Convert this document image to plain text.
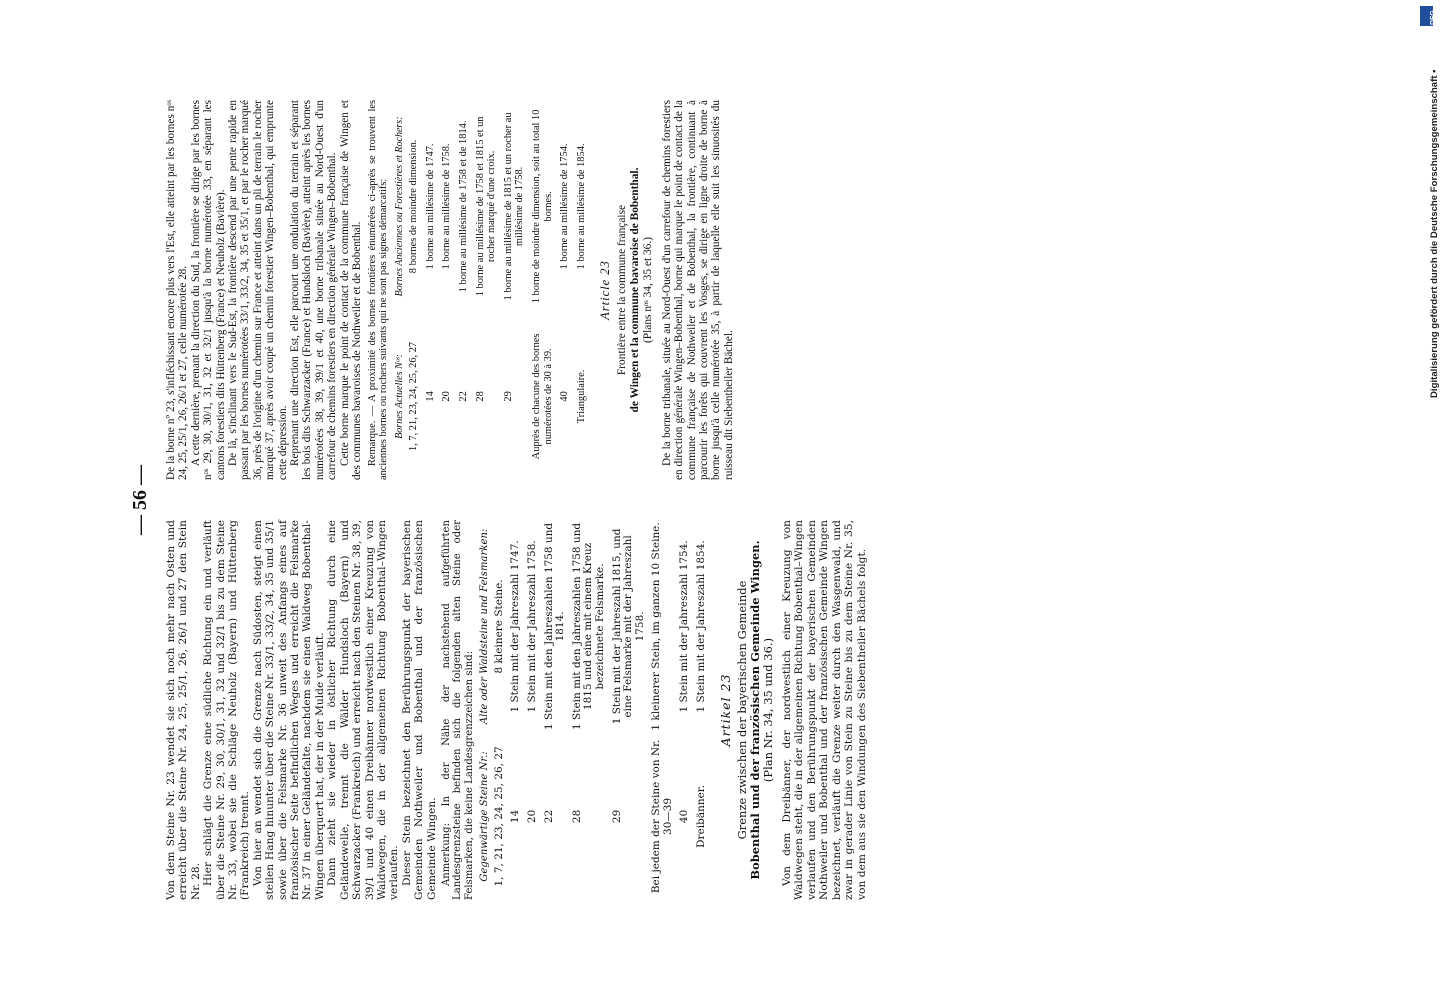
— 56 —

Von dem Steine Nr. 23 wendet sie sich noch mehr nach Osten und erreicht über die Steine Nr. 24, 25, 25/1, 26, 26/1 und 27 den Stein Nr. 28. Hier schlägt die Grenze eine südliche Richtung ein und verläuft über die Steine Nr. 29, 30, 30/1, 31, 32 und 32/1 bis zu dem Steine Nr. 33, wobei sie die Schläge Neuholz (Bayern) und Hüttenberg (Frankreich) trennt. Von hier an wendet sich die Grenze nach Südosten, steigt einen steilen Hang hinunter über die Steine Nr. 33/1, 33/2, 34, 35 und 35/1 sowie über die Felsmarke Nr. 36 unweit des Anfangs eines auf französischer Seite befindlichen Weges und erreicht die Felsmarke Nr. 37 in einer Geländefalte, nachdem sie einen Waldweg Bobenthal-Wingen überquert hat, der in der Mulde verläuft. Dann zieht sie wieder in östlicher Richtung durch eine Geländewelle, trennt die Wälder Hundsloch (Bayern) und Schwarzacker (Frankreich) und erreicht nach den Steinen Nr. 38, 39, 39/1 und 40 einen Dreibänner nordwestlich einer Kreuzung von Waldwegen, die in der allgemeinen Richtung Bobenthal–Wingen verlaufen. Dieser Stein bezeichnet den Berührungspunkt der bayerischen Gemeinden Nothweiler und Bobenthal und der französischen Gemeinde Wingen. Anmerkung: In der Nähe der nachstehend aufgeführten Landesgrenzsteine befinden sich die folgenden alten Steine oder Felsmarken, die keine Landesgrenzzeichen sind: Gegenwärtige Steine Nr.:	Alte oder Waldsteine und Felsmarken:
1, 7, 21, 23, 24, 25, 26, 27	8 kleinere Steine.
14	1 Stein mit der Jahreszahl 1747.
20	1 Stein mit der Jahreszahl 1758.
22	1 Stein mit den Jahreszahlen 1758 und 1814.
28	1 Stein mit den Jahreszahlen 1758 und 1815 und eine mit einem Kreuz bezeichnete Felsmarke.
29	1 Stein mit der Jahreszahl 1815, und eine Felsmarke mit der Jahreszahl 1758.
Bei jedem der Steine von Nr. 30—39	1 kleinerer Stein, im ganzen 10 Steine.
40	1 Stein mit der Jahreszahl 1754.
Dreibänner.	1 Stein mit der Jahreszahl 1854. Artikel 23 Grenze zwischen der bayerischen Gemeinde Bobenthal und der französischen Gemeinde Wingen. (Plan Nr. 34, 35 und 36.) Von dem Dreibänner, der nordwestlich einer Kreuzung von Waldwegen steht, die in der allgemeinen Richtung Bobenthal–Wingen verlaufen und den Berührungspunkt der bayerischen Gemeinden Nothweiler und Bobenthal und der französischen Gemeinde Wingen bezeichnet, verläuft die Grenze weiter durch den Wasgenwald, und zwar in gerader Linie von Stein zu Steine bis zu dem Steine Nr. 35, von dem aus sie den Windungen des Siebentheiler Bächels folgt.

De la borne nº 23, s'infléchissant encore plus vers l'Est, elle atteint par les bornes nᵒˢ 24, 25, 25/1, 26, 26/1 et 27, celle numérotée 28. A cette dernière, prenant la direction du Sud, la frontière se dirige par les bornes nᵒˢ 29, 30, 30/1, 31, 32 et 32/1 jusqu'à la borne numérotée 33, en séparant les cantons forestiers dits Hüttenberg (France) et Neuholz (Bavière). De là, s'inclinant vers le Sud-Est, la frontière descend par une pente rapide en passant par les bornes numérotées 33/1, 33/2, 34, 35 et 35/1, et par le rocher marqué 36, près de l'origine d'un chemin sur France et atteint dans un pli de terrain le rocher marqué 37, après avoir coupé un chemin forestier Wingen–Bobenthal, qui emprunte cette dépression. Reprenant une direction Est, elle parcourt une ondulation du terrain et séparant les bois dits Schwarzacker (France) et Hundsloch (Bavière), atteint après les bornes numérotées 38, 39, 39/1 et 40, une borne tribanale située au Nord-Ouest d'un carrefour de chemins forestiers en direction générale Wingen–Bobenthal. Cette borne marque le point de contact de la commune française de Wingen et des communes bavaroises de Nothweiler et de Bobenthal. Remarque. — A proximité des bornes frontières énumérées ci-après se trouvent les anciennes bornes ou rochers suivants qui ne sont pas signes démarcatifs: Bornes Actuelles Nᵒˢ:	Bornes Anciennes ou Forestières et Rochers:
1, 7, 21, 23, 24, 25, 26, 27	8 bornes de moindre dimension.
14	1 borne au millésime de 1747.
20	1 borne au millésime de 1758.
22	1 borne au millésime de 1758 et de 1814.
28	1 borne au millésime de 1758 et 1815 et un rocher marqué d'une croix.
29	1 borne au millésime de 1815 et un rocher au millésime de 1758.
Auprès de chacune des bornes numérotées de 30 à 39.	1 borne de moindre dimension, soit au total 10 bornes.
40	1 borne au millésime de 1754.
Triangulaire.	1 borne au millésime de 1854.
Article 23 Frontière entre la commune française de Wingen et la commune bavaroise de Bobenthal. (Plans nᵒˢ 34, 35 et 36.) De la borne tribanale, située au Nord-Ouest d'un carrefour de chemins forestiers en direction générale Wingen–Bobenthal, borne qui marque le point de contact de la commune française de Nothweiler et de Bobenthal, la frontière, continuant à parcourir les forêts qui couvrent les Vosges, se dirige en ligne droite de borne à borne jusqu'à celle numérotée 35, à partir de laquelle elle suit les sinuosités du ruisseau dit Siebentheiler Bächel.

Digitalisierung gefördert durch die Deutsche Forschungsgemeinschaft •
DFG
